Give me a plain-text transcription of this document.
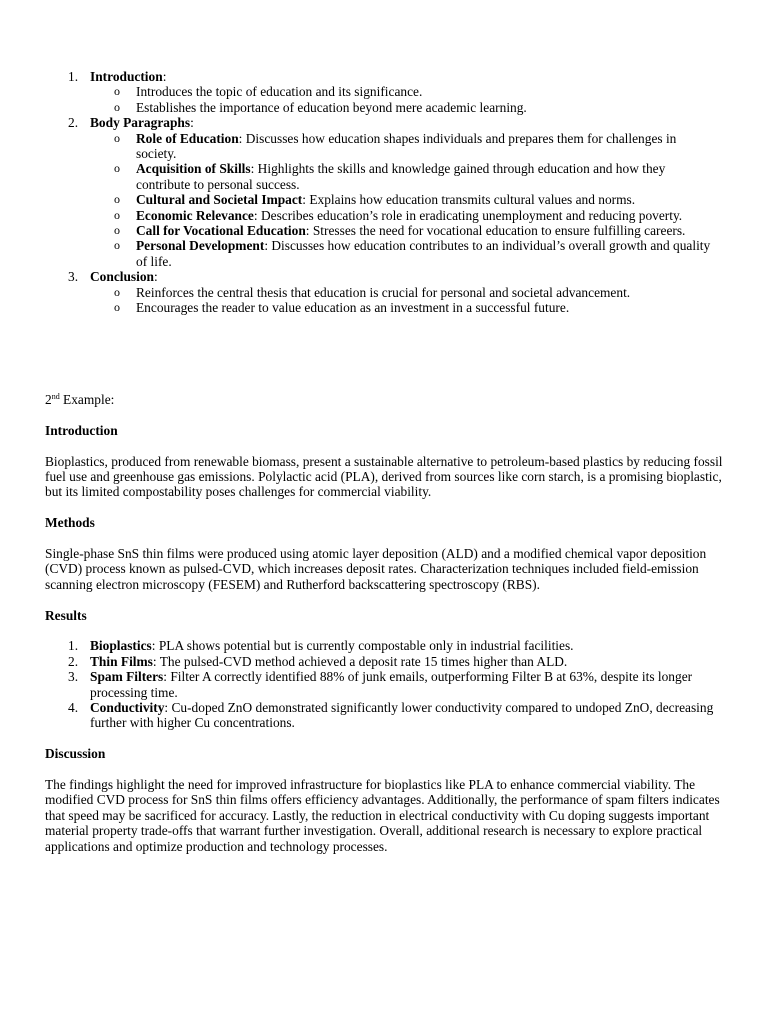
1. Introduction:
o Introduces the topic of education and its significance.
o Establishes the importance of education beyond mere academic learning.
2. Body Paragraphs:
o Role of Education: Discusses how education shapes individuals and prepares them for challenges in society.
o Acquisition of Skills: Highlights the skills and knowledge gained through education and how they contribute to personal success.
o Cultural and Societal Impact: Explains how education transmits cultural values and norms.
o Economic Relevance: Describes education’s role in eradicating unemployment and reducing poverty.
o Call for Vocational Education: Stresses the need for vocational education to ensure fulfilling careers.
o Personal Development: Discusses how education contributes to an individual’s overall growth and quality of life.
3. Conclusion:
o Reinforces the central thesis that education is crucial for personal and societal advancement.
o Encourages the reader to value education as an investment in a successful future.
2nd Example:
Introduction

Bioplastics, produced from renewable biomass, present a sustainable alternative to petroleum-based plastics by reducing fossil fuel use and greenhouse gas emissions. Polylactic acid (PLA), derived from sources like corn starch, is a promising bioplastic, but its limited compostability poses challenges for commercial viability.

Methods

Single-phase SnS thin films were produced using atomic layer deposition (ALD) and a modified chemical vapor deposition (CVD) process known as pulsed-CVD, which increases deposit rates. Characterization techniques included field-emission scanning electron microscopy (FESEM) and Rutherford backscattering spectroscopy (RBS).

Results
1. Bioplastics: PLA shows potential but is currently compostable only in industrial facilities.
2. Thin Films: The pulsed-CVD method achieved a deposit rate 15 times higher than ALD.
3. Spam Filters: Filter A correctly identified 88% of junk emails, outperforming Filter B at 63%, despite its longer processing time.
4. Conductivity: Cu-doped ZnO demonstrated significantly lower conductivity compared to undoped ZnO, decreasing further with higher Cu concentrations.
Discussion

The findings highlight the need for improved infrastructure for bioplastics like PLA to enhance commercial viability. The modified CVD process for SnS thin films offers efficiency advantages. Additionally, the performance of spam filters indicates that speed may be sacrificed for accuracy. Lastly, the reduction in electrical conductivity with Cu doping suggests important material property trade-offs that warrant further investigation. Overall, additional research is necessary to explore practical applications and optimize production and technology processes.
